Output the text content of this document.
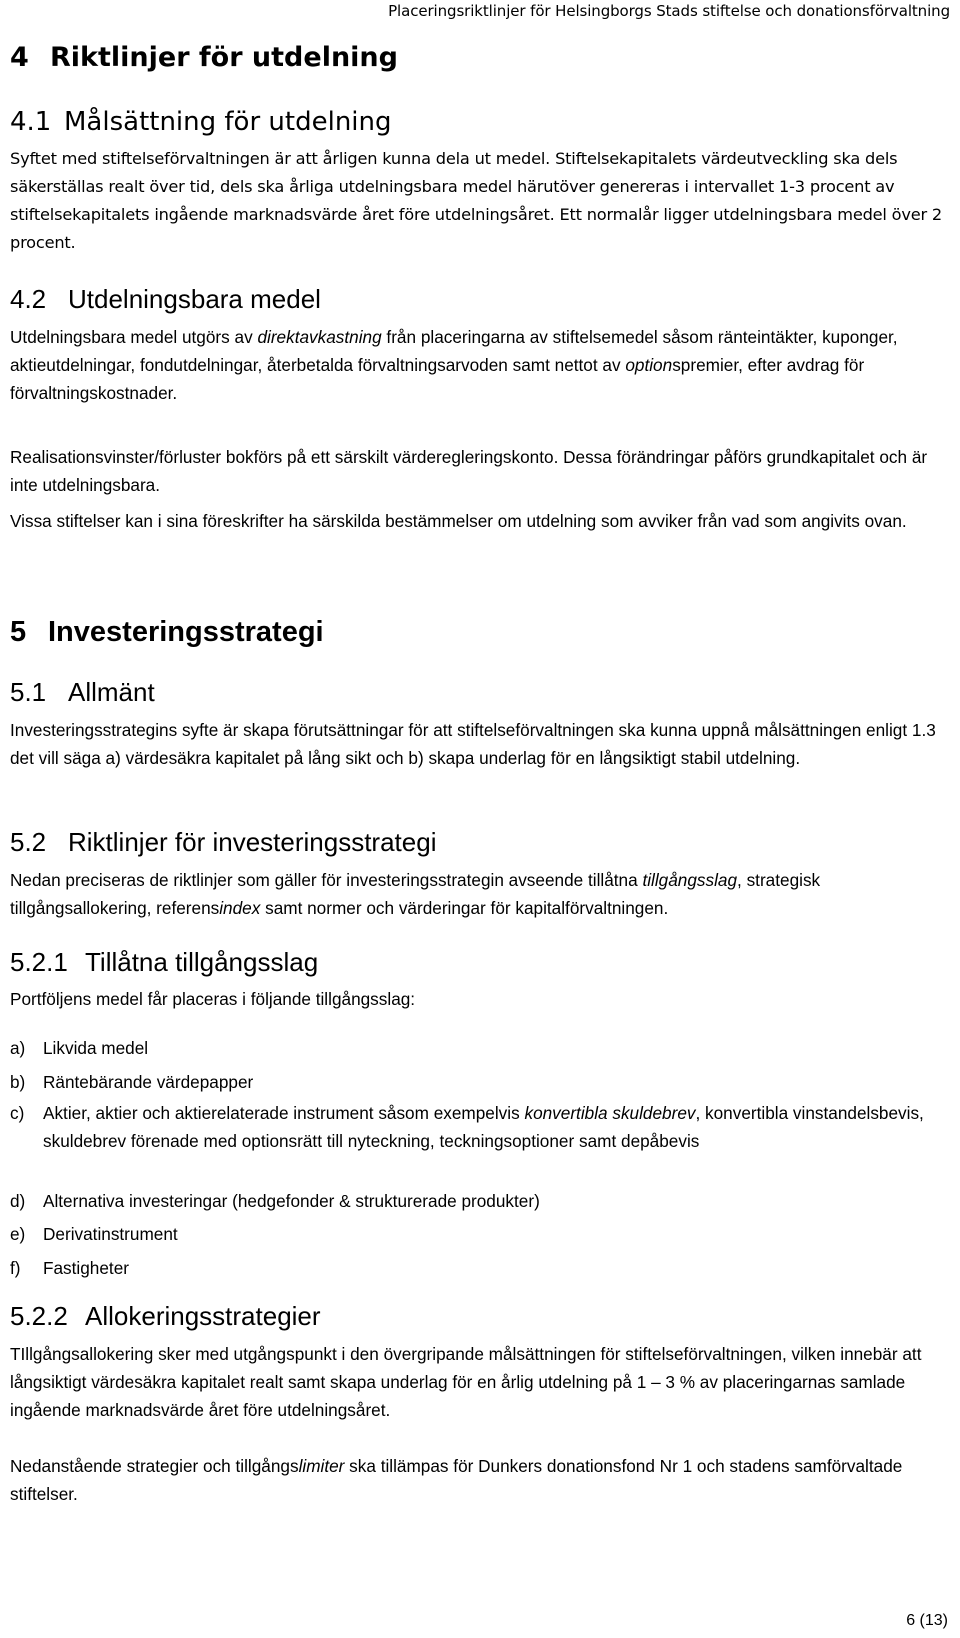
Placeringsriktlinjer för Helsingborgs Stads stiftelse och donationsförvaltning
4 Riktlinjer för utdelning
4.1 Målsättning för utdelning
Syftet med stiftelseförvaltningen är att årligen kunna dela ut medel. Stiftelsekapitalets värdeutveckling ska dels säkerställas realt över tid, dels ska årliga utdelningsbara medel härutöver genereras i intervallet 1-3 procent av stiftelsekapitalets ingående marknadsvärde året före utdelningsåret. Ett normalår ligger utdelningsbara medel över 2 procent.
4.2 Utdelningsbara medel
Utdelningsbara medel utgörs av direktavkastning från placeringarna av stiftelsemedel såsom ränteintäkter, kuponger, aktieutdelningar, fondutdelningar, återbetalda förvaltningsarvoden samt nettot av optionspremier, efter avdrag för förvaltningskostnader.
Realisationsvinster/förluster bokförs på ett särskilt värderegleringskonto. Dessa förändringar påförs grundkapitalet och är inte utdelningsbara.
Vissa stiftelser kan i sina föreskrifter ha särskilda bestämmelser om utdelning som avviker från vad som angivits ovan.
5 Investeringsstrategi
5.1 Allmänt
Investeringsstrategins syfte är skapa förutsättningar för att stiftelseförvaltningen ska kunna uppnå målsättningen enligt 1.3 det vill säga a) värdesäkra kapitalet på lång sikt och b) skapa underlag för en långsiktigt stabil utdelning.
5.2 Riktlinjer för investeringsstrategi
Nedan preciseras de riktlinjer som gäller för investeringsstrategin avseende tillåtna tillgångsslag, strategisk tillgångsallokering, referensindex samt normer och värderingar för kapitalförvaltningen.
5.2.1 Tillåtna tillgångsslag
Portföljens medel får placeras i följande tillgångsslag:
a) Likvida medel
b) Räntebärande värdepapper
c) Aktier, aktier och aktierelaterade instrument såsom exempelvis konvertibla skuldebrev, konvertibla vinstandelsbevis, skuldebrev förenade med optionsrätt till nyteckning, teckningsoptioner samt depåbevis
d) Alternativa investeringar (hedgefonder & strukturerade produkter)
e) Derivatinstrument
f) Fastigheter
5.2.2 Allokeringsstrategier
TIllgångsallokering sker med utgångspunkt i den övergripande målsättningen för stiftelseförvaltningen, vilken innebär att långsiktigt värdesäkra kapitalet realt samt skapa underlag för en årlig utdelning på 1 – 3 % av placeringarnas samlade ingående marknadsvärde året före utdelningsåret.
Nedanstående strategier och tillgångslimiter ska tillämpas för Dunkers donationsfond Nr 1 och stadens samförvaltade stiftelser.
6 (13)
